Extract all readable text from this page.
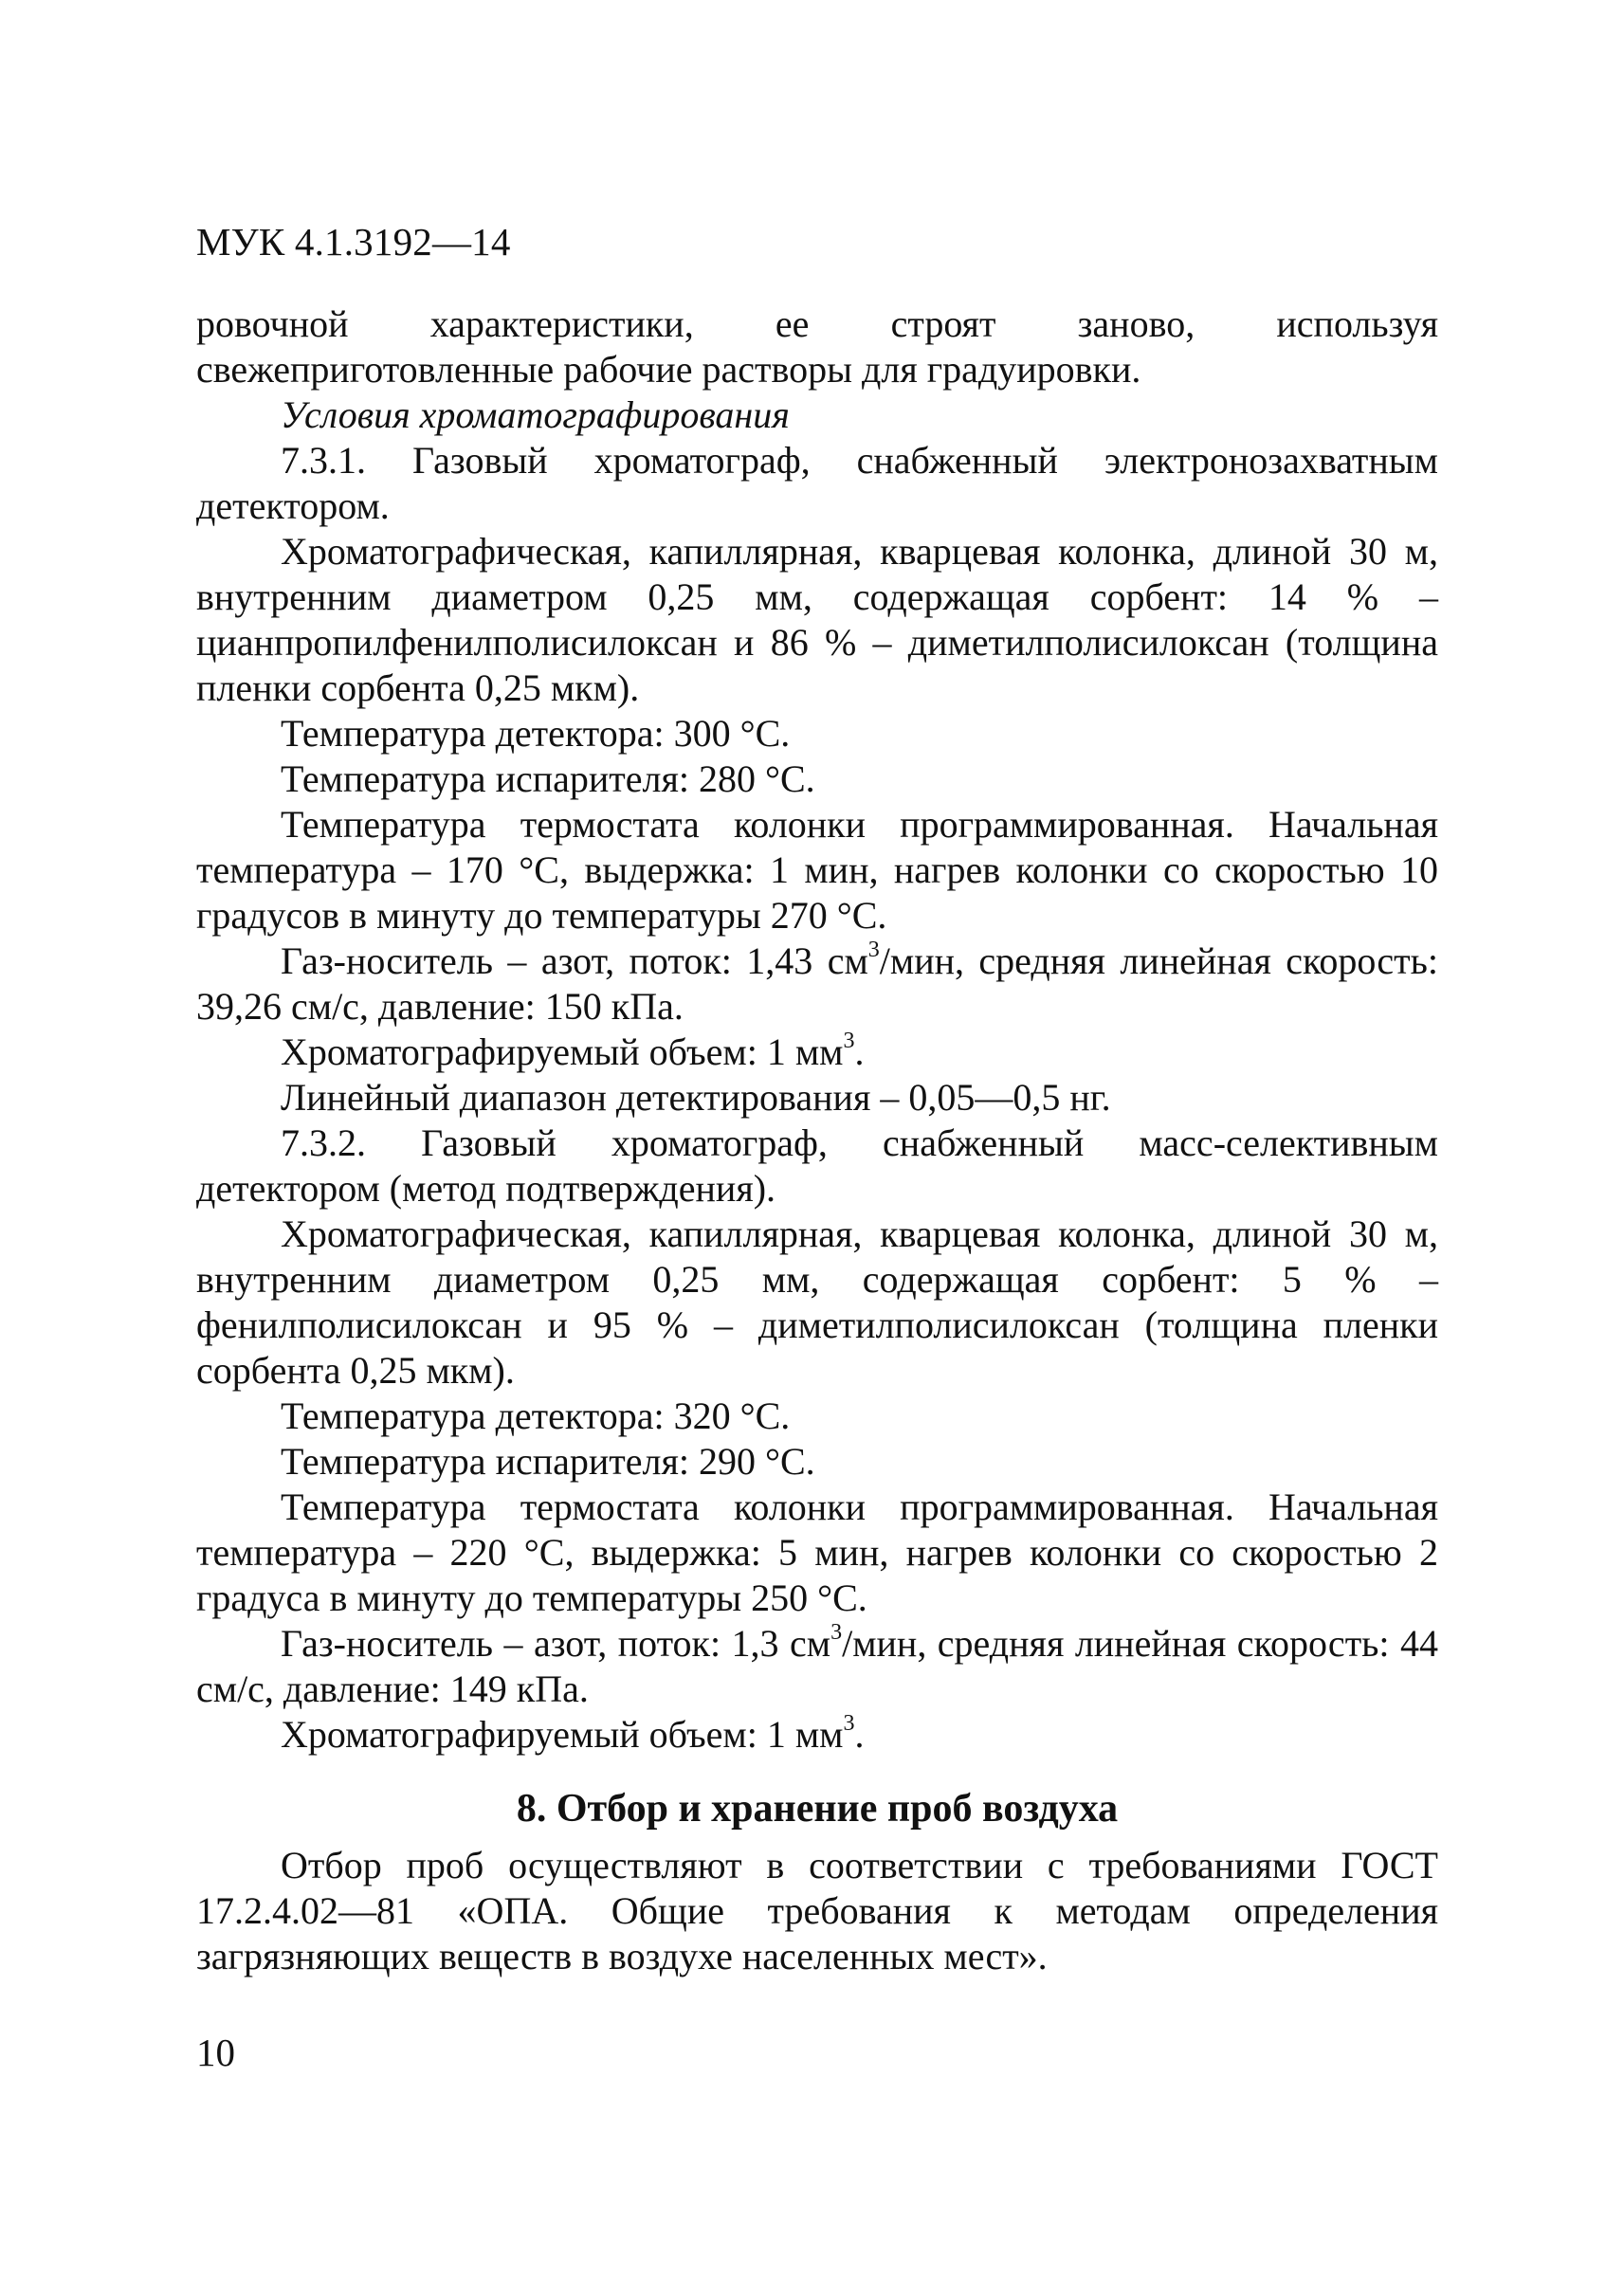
МУК 4.1.3192—14

ровочной характеристики, ее строят заново, используя свежеприготовленные рабочие растворы для градуировки.

Условия хроматографирования

7.3.1. Газовый хроматограф, снабженный электронозахватным детектором.

Хроматографическая, капиллярная, кварцевая колонка, длиной 30 м, внутренним диаметром 0,25 мм, содержащая сорбент: 14 % – цианпропилфенилполисилоксан и 86 % – диметилполисилоксан (толщина пленки сорбента 0,25 мкм).

Температура детектора: 300 °С.

Температура испарителя: 280 °С.

Температура термостата колонки программированная. Начальная температура – 170 °С, выдержка: 1 мин, нагрев колонки со скоростью 10 градусов в минуту до температуры 270 °С.

Газ-носитель – азот, поток: 1,43 $см^3$/мин, средняя линейная скорость: 39,26 см/с, давление: 150 кПа.

Хроматографируемый объем: 1 $мм^3$.

Линейный диапазон детектирования – 0,05—0,5 нг.

7.3.2. Газовый хроматограф, снабженный масс-селективным детектором (метод подтверждения).

Хроматографическая, капиллярная, кварцевая колонка, длиной 30 м, внутренним диаметром 0,25 мм, содержащая сорбент: 5 % – фенилполисилоксан и 95 % – диметилполисилоксан (толщина пленки сорбента 0,25 мкм).

Температура детектора: 320 °С.

Температура испарителя: 290 °С.

Температура термостата колонки программированная. Начальная температура – 220 °С, выдержка: 5 мин, нагрев колонки со скоростью 2 градуса в минуту до температуры 250 °С.

Газ-носитель – азот, поток: 1,3 $см^3$/мин, средняя линейная скорость: 44 см/с, давление: 149 кПа.

Хроматографируемый объем: 1 $мм^3$.

8. Отбор и хранение проб воздуха

Отбор проб осуществляют в соответствии с требованиями ГОСТ 17.2.4.02—81 «ОПА. Общие требования к методам определения загрязняющих веществ в воздухе населенных мест».

10
